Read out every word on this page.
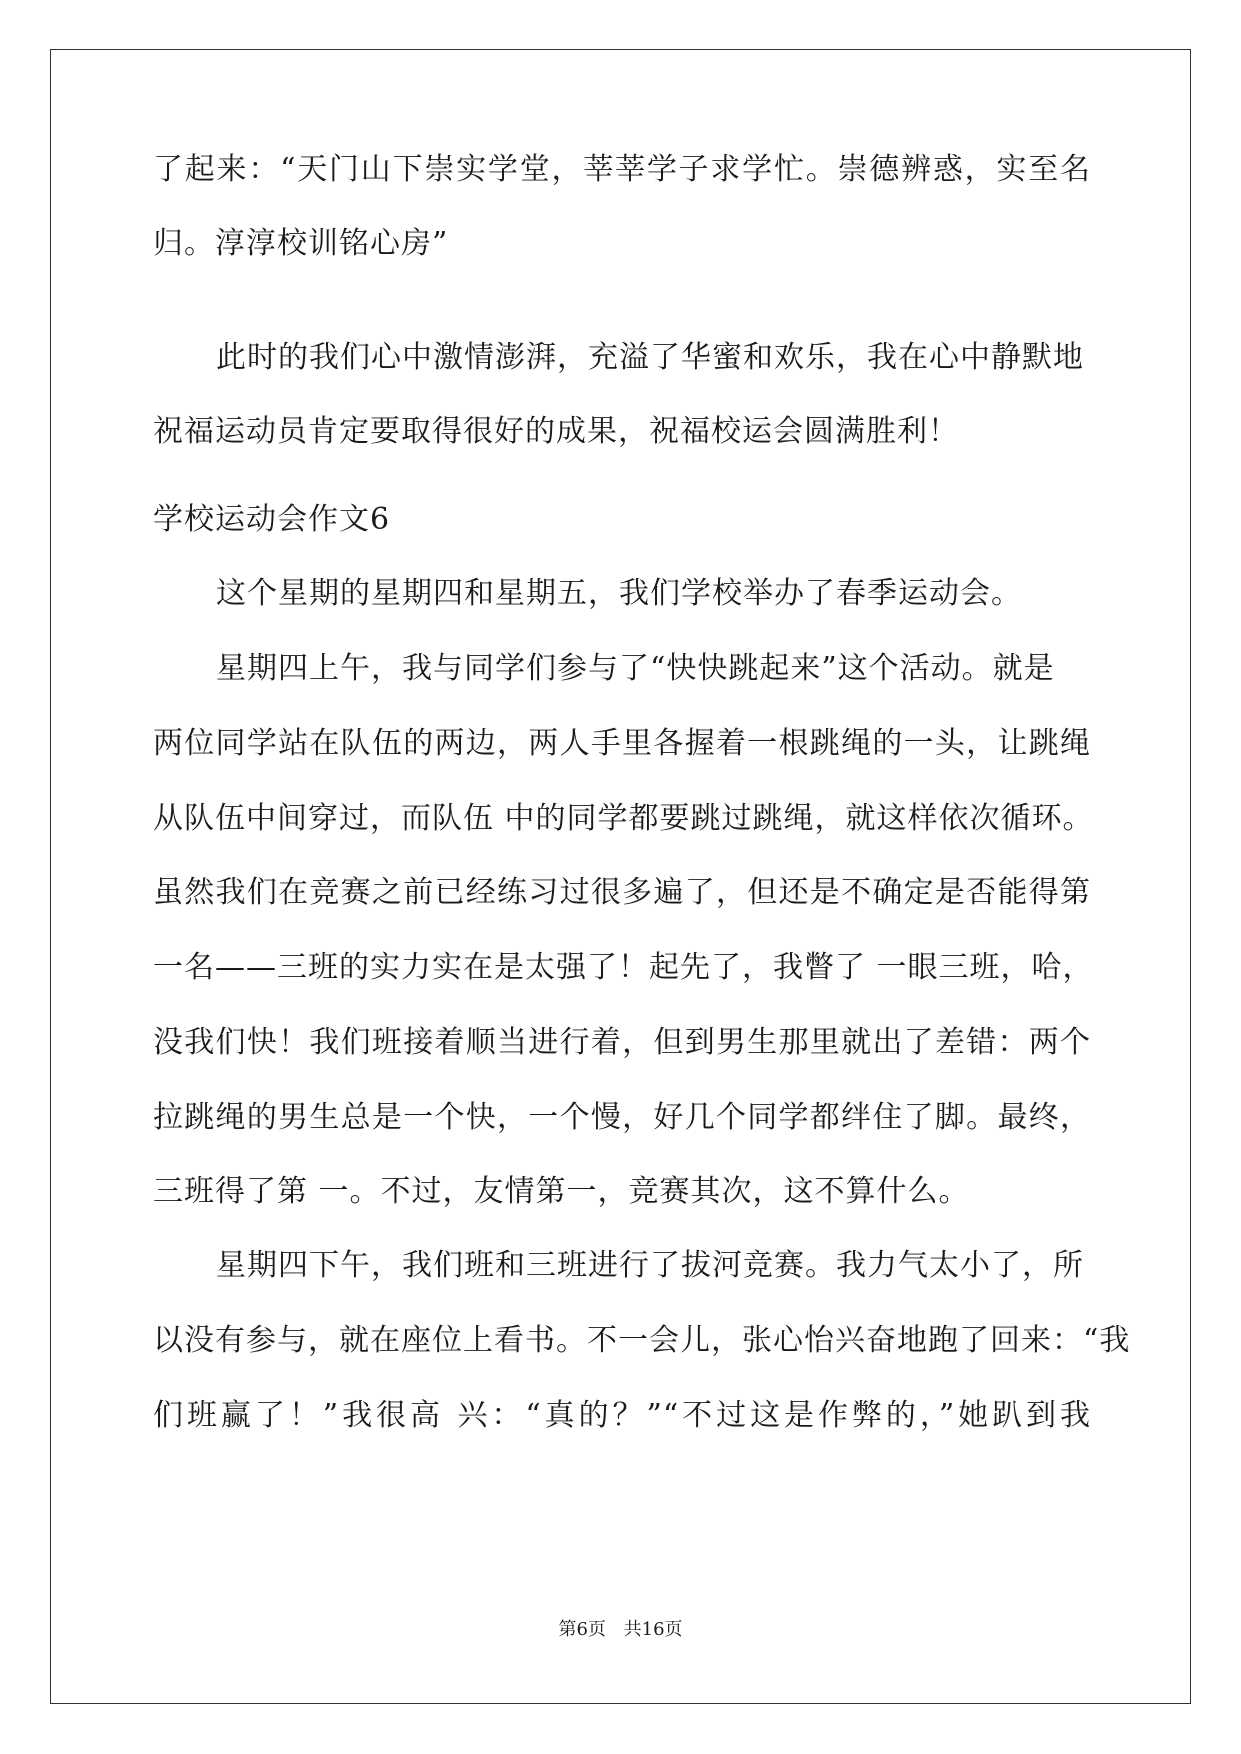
了起来：“天门山下崇实学堂，莘莘学子求学忙。崇德辨惑，实至名
归。淳淳校训铭心房”
此时的我们心中激情澎湃，充溢了华蜜和欢乐，我在心中静默地
祝福运动员肯定要取得很好的成果，祝福校运会圆满胜利！
学校运动会作文6
这个星期的星期四和星期五，我们学校举办了春季运动会。
星期四上午，我与同学们参与了“快快跳起来”这个活动。就是
两位同学站在队伍的两边，两人手里各握着一根跳绳的一头，让跳绳
从队伍中间穿过，而队伍 中的同学都要跳过跳绳，就这样依次循环。
虽然我们在竞赛之前已经练习过很多遍了，但还是不确定是否能得第
一名——三班的实力实在是太强了！起先了，我瞥了 一眼三班，哈，
没我们快！我们班接着顺当进行着，但到男生那里就出了差错：两个
拉跳绳的男生总是一个快，一个慢，好几个同学都绊住了脚。最终，
三班得了第 一。不过，友情第一，竞赛其次，这不算什么。
星期四下午，我们班和三班进行了拔河竞赛。我力气太小了，所
以没有参与，就在座位上看书。不一会儿，张心怡兴奋地跑了回来：“我
们班赢了！”我很高 兴：“真的？”“不过这是作弊的，”她趴到我
第6页 共16页
